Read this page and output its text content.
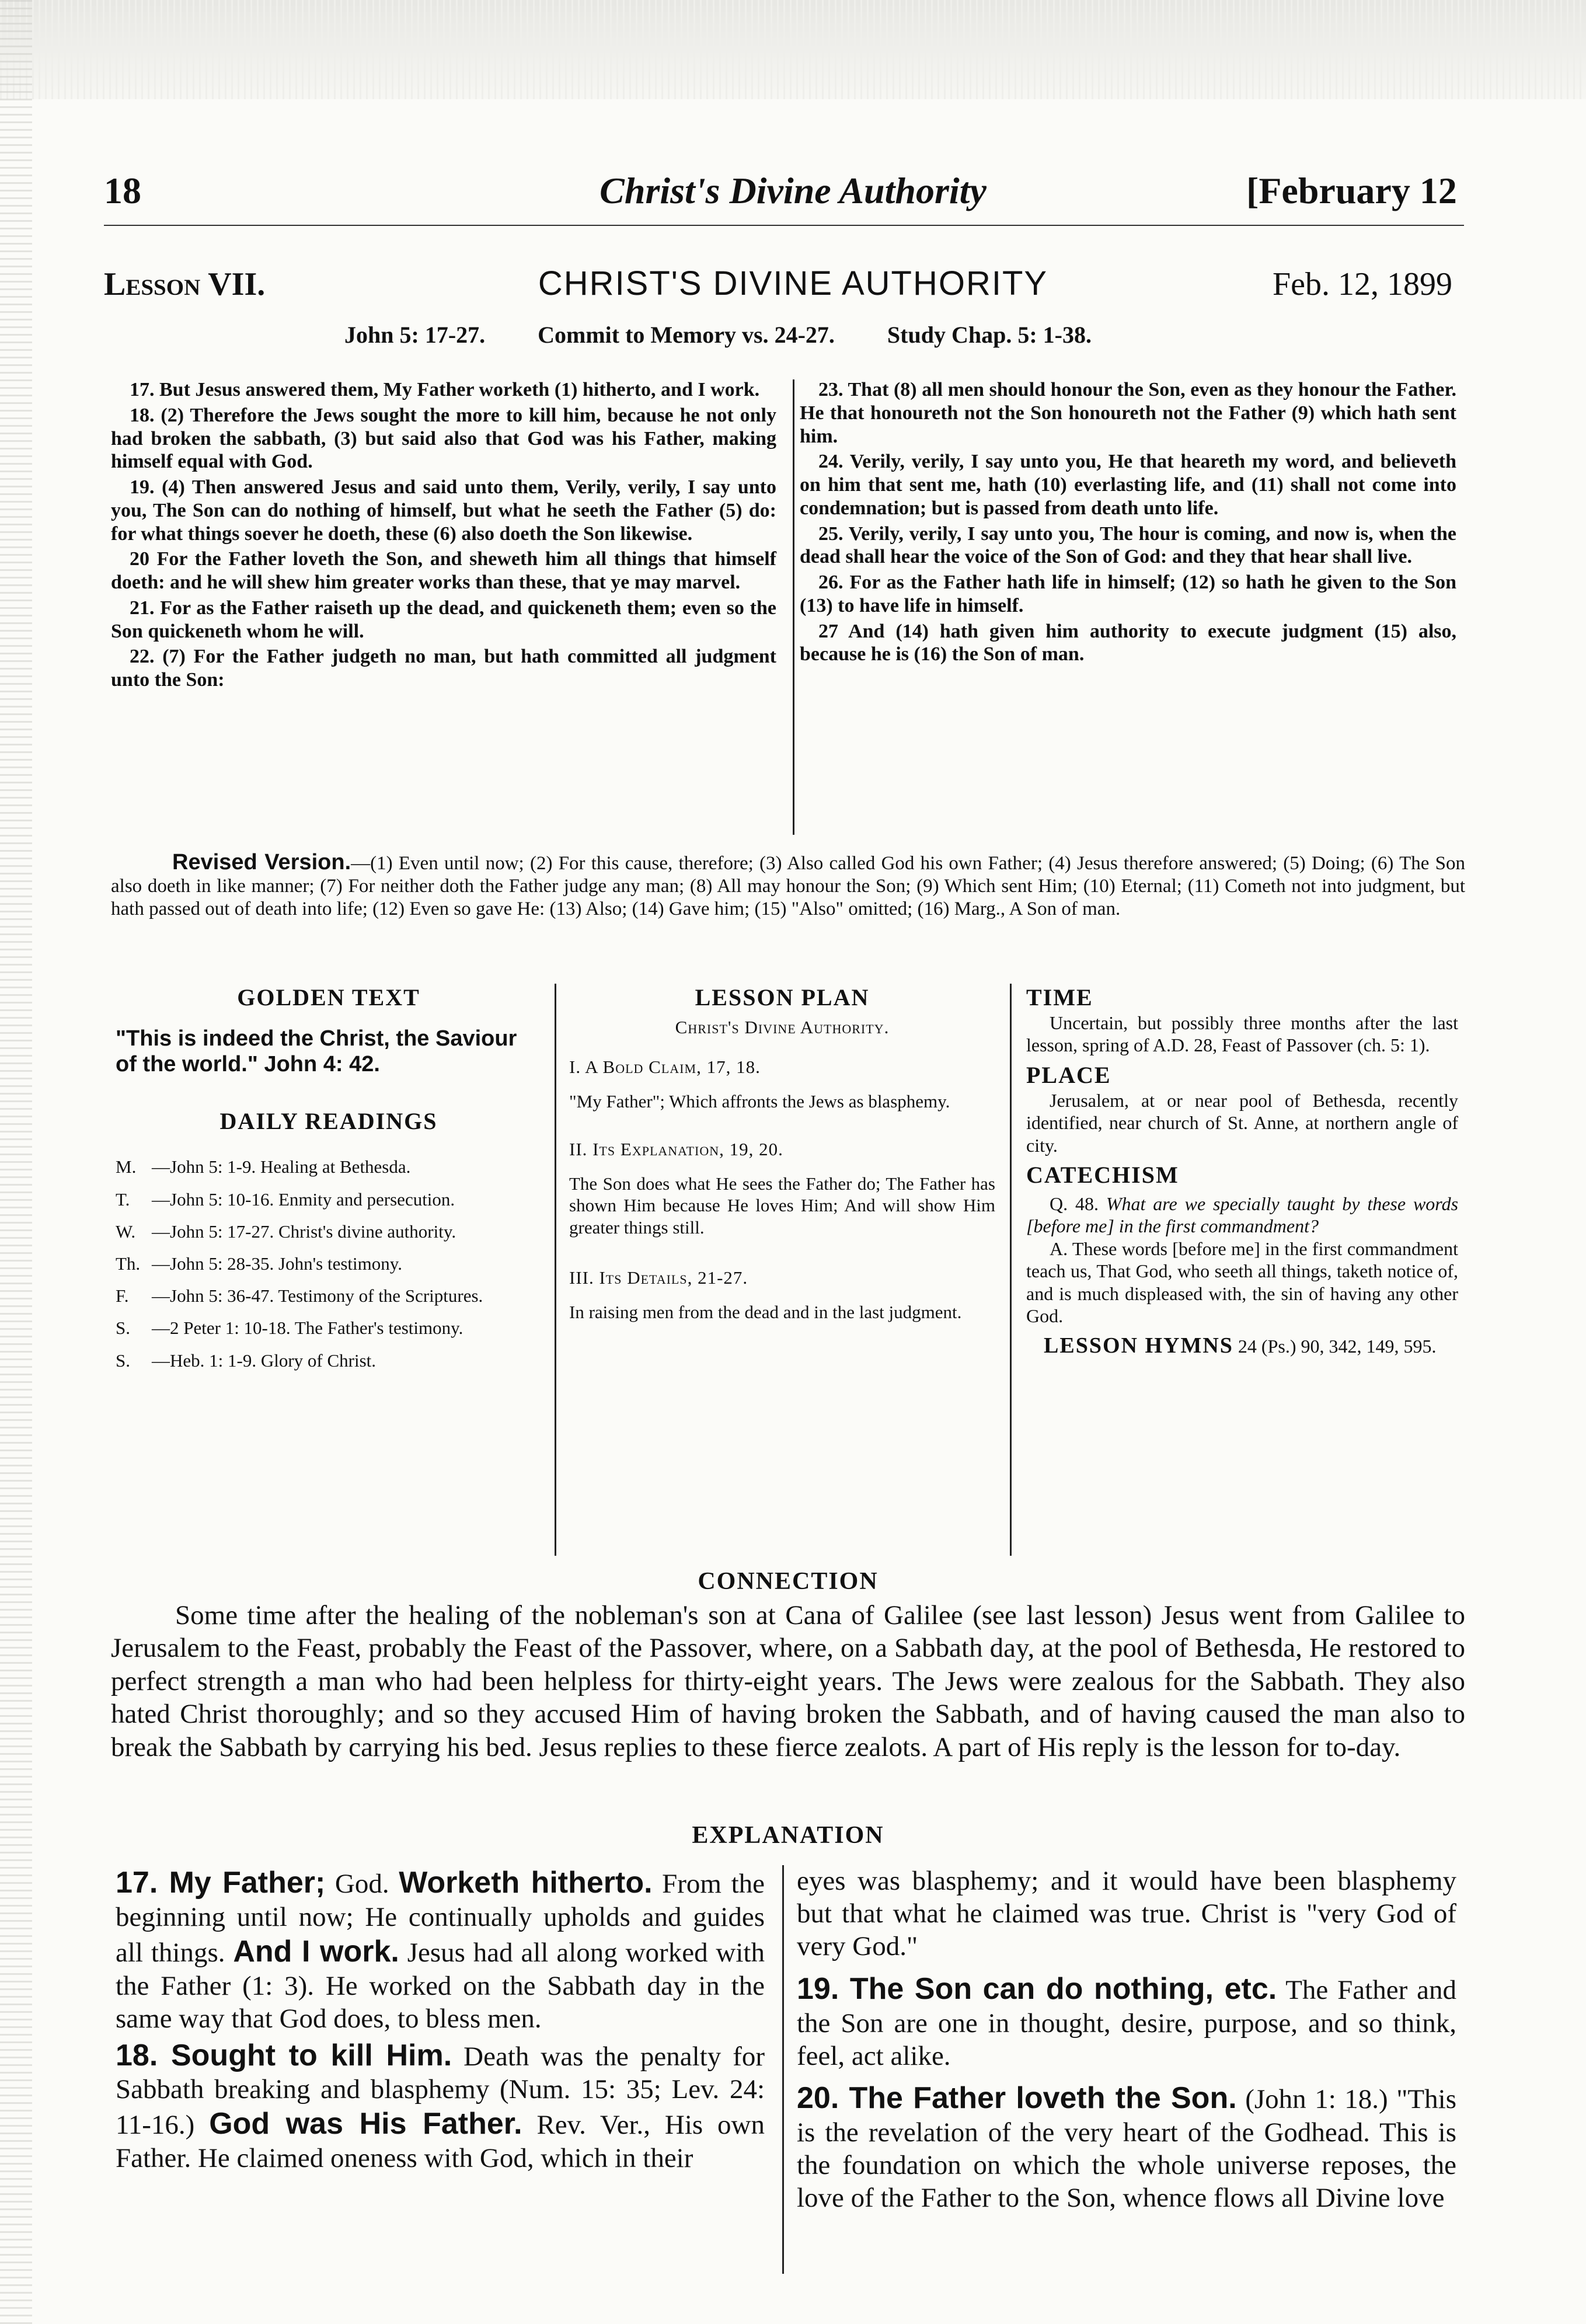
18	Christ's Divine Authority	[February 12
Lesson VII.	CHRIST'S DIVINE AUTHORITY	Feb. 12, 1899
John 5: 17-27. Commit to Memory vs. 24-27. Study Chap. 5: 1-38.

17. But Jesus answered them, My Father worketh (1) hitherto, and I work.

18. (2) Therefore the Jews sought the more to kill him, because he not only had broken the sabbath, (3) but said also that God was his Father, making himself equal with God.

19. (4) Then answered Jesus and said unto them, Verily, verily, I say unto you, The Son can do nothing of himself, but what he seeth the Father (5) do: for what things soever he doeth, these (6) also doeth the Son likewise.

20 For the Father loveth the Son, and sheweth him all things that himself doeth: and he will shew him greater works than these, that ye may marvel.

21. For as the Father raiseth up the dead, and quickeneth them; even so the Son quickeneth whom he will.

22. (7) For the Father judgeth no man, but hath committed all judgment unto the Son:

23. That (8) all men should honour the Son, even as they honour the Father. He that honoureth not the Son honoureth not the Father (9) which hath sent him.

24. Verily, verily, I say unto you, He that heareth my word, and believeth on him that sent me, hath (10) everlasting life, and (11) shall not come into condemnation; but is passed from death unto life.

25. Verily, verily, I say unto you, The hour is coming, and now is, when the dead shall hear the voice of the Son of God: and they that hear shall live.

26. For as the Father hath life in himself; (12) so hath he given to the Son (13) to have life in himself.

27 And (14) hath given him authority to execute judgment (15) also, because he is (16) the Son of man.

Revised Version.—(1) Even until now; (2) For this cause, therefore; (3) Also called God his own Father; (4) Jesus therefore answered; (5) Doing; (6) The Son also doeth in like manner; (7) For neither doth the Father judge any man; (8) All may honour the Son; (9) Which sent Him; (10) Eternal; (11) Cometh not into judgment, but hath passed out of death into life; (12) Even so gave He: (13) Also; (14) Gave him; (15) "Also" omitted; (16) Marg., A Son of man.
GOLDEN TEXT
"This is indeed the Christ, the Saviour of the world." John 4: 42.
DAILY READINGS
M. —John 5: 1-9. Healing at Bethesda.
T.	—John 5: 10-16. Enmity and persecution.
W. —John 5: 17-27. Christ's divine authority.
Th. —John 5: 28-35. John's testimony.
F.	—John 5: 36-47. Testimony of the Scriptures.
S.	—2 Peter 1: 10-18. The Father's testimony.
S.	—Heb. 1: 1-9. Glory of Christ.
LESSON PLAN
Christ's Divine Authority.
I. A Bold Claim, 17, 18.
"My Father"; Which affronts the Jews as blasphemy.
II. Its Explanation, 19, 20.
The Son does what He sees the Father do; The Father has shown Him because He loves Him; And will show Him greater things still.
III. Its Details, 21-27.
In raising men from the dead and in the last judgment.
TIME
Uncertain, but possibly three months after the last lesson, spring of A.D. 28, Feast of Passover (ch. 5: 1).
PLACE
Jerusalem, at or near pool of Bethesda, recently identified, near church of St. Anne, at northern angle of city.
CATECHISM
Q. 48. What are we specially taught by these words [before me] in the first commandment?
A. These words [before me] in the first commandment teach us, That God, who seeth all things, taketh notice of, and is much displeased with, the sin of having any other God.
LESSON HYMNS 24 (Ps.) 90, 342, 149, 595.
CONNECTION
Some time after the healing of the nobleman's son at Cana of Galilee (see last lesson) Jesus went from Galilee to Jerusalem to the Feast, probably the Feast of the Passover, where, on a Sabbath day, at the pool of Bethesda, He restored to perfect strength a man who had been helpless for thirty-eight years. The Jews were zealous for the Sabbath. They also hated Christ thoroughly; and so they accused Him of having broken the Sabbath, and of having caused the man also to break the Sabbath by carrying his bed. Jesus replies to these fierce zealots. A part of His reply is the lesson for to-day.
EXPLANATION

17. My Father; God. Worketh hitherto. From the beginning until now; He continually upholds and guides all things. And I work. Jesus had all along worked with the Father (1: 3). He worked on the Sabbath day in the same way that God does, to bless men.

18. Sought to kill Him. Death was the penalty for Sabbath breaking and blasphemy (Num. 15: 35; Lev. 24: 11-16.) God was His Father. Rev. Ver., His own Father. He claimed oneness with God, which in their

eyes was blasphemy; and it would have been blasphemy but that what he claimed was true. Christ is "very God of very God."

19. The Son can do nothing, etc. The Father and the Son are one in thought, desire, purpose, and so think, feel, act alike.

20. The Father loveth the Son. (John 1: 18.) "This is the revelation of the very heart of the Godhead. This is the foundation on which the whole universe reposes, the love of the Father to the Son, whence flows all Divine love
